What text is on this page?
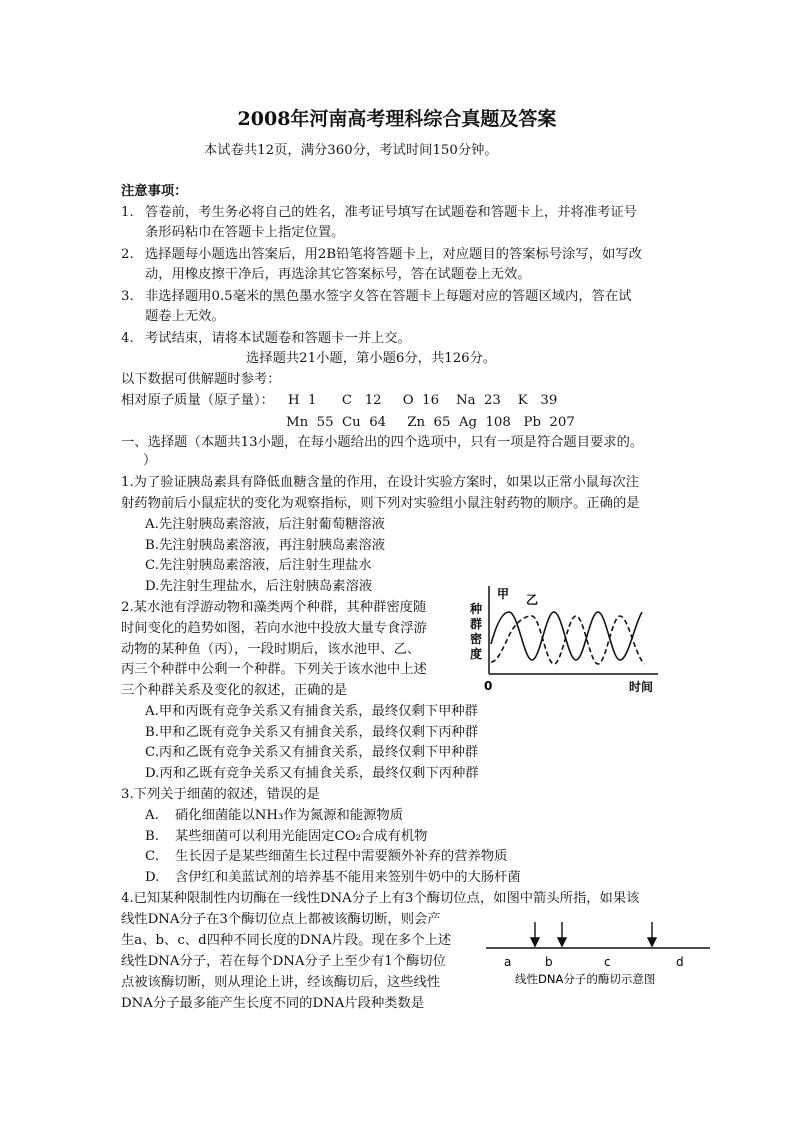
2008年河南高考理科综合真题及答案
本试卷共12页，满分360分，考试时间150分钟。
注意事项：
1. 答卷前，考生务必将自己的姓名，准考证号填写在试题卷和答题卡上，并将准考证号
条形码粘巾在答题卡上指定位置。
2. 选择题每小题选出答案后，用2B铅笔将答题卡上，对应题目的答案标号涂写，如写改
动，用橡皮擦干净后，再选涂其它答案标号，答在试题卷上无效。
3. 非选择题用0.5毫米的黑色墨水签字夊答在答题卡上每题对应的答题区域内，答在试
题卷上无效。
4. 考试结束，请将本试题卷和答题卡一并上交。
选择题共21小题，第小题6分，共126分。
以下数据可供解题时参考：
相对原子质量（原子量）： H  1      C   12     O  16    Na  23    K   39
Mn  55  Cu  64     Zn  65  Ag  108   Pb  207
一、选择题（本题共13小题，在每小题给出的四个选项中，只有一项是符合题目要求的。
）
1.为了验证胰岛素具有降低血糖含量的作用，在设计实验方案时，如果以正常小鼠每次注
射药物前后小鼠症状的变化为观察指标，则下列对实验组小鼠注射药物的顺序。正确的是
A.先注射胰岛素溶液，后注射葡萄糖溶液
B.先注射胰岛素溶液，再注射胰岛素溶液
C.先注射胰岛素溶液，后注射生理盐水
D.先注射生理盐水，后注射胰岛素溶液
2.某水池有浮游动物和藻类两个种群，其种群密度随
时间变化的趋势如图，若向水池中投放大量专食浮游
动物的某种鱼（丙），一段时期后，该水池甲、乙、
丙三个种群中公剩一个种群。下列关于该水池中上述
三个种群关系及变化的叙述，正确的是
A.甲和丙既有竞争关系又有捕食关系，最终仅剩下甲种群
B.甲和乙既有竞争关系又有捕食关系，最终仅剩下丙种群
C.丙和乙既有竞争关系又有捕食关系，最终仅剩下甲种群
D.丙和乙既有竞争关系又有捕食关系，最终仅剩下丙种群
种
群
密
度
0	时间
甲 乙
3.下列关于细菌的叙述，错误的是
A. 硝化细菌能以NH₃作为氮源和能源物质
B. 某些细菌可以利用光能固定CO₂合成有机物
C. 生长因子是某些细菌生长过程中需要额外补弃的营养物质
D. 含伊红和美蓝试剂的培养基不能用来签别牛奶中的大肠杆菌
4.已知某种限制性内切酶在一线性DNA分子上有3个酶切位点，如图中箭头所指，如果该
线性DNA分子在3个酶切位点上都被该酶切断，则会产
生a、b、c、d四种不同长度的DNA片段。现在多个上述
线性DNA分子，若在每个DNA分子上至少有1个酶切位
点被该酶切断，则从理论上讲，经该酶切后，这些线性
DNA分子最多能产生长度不同的DNA片段种类数是
a	b	c	d
线性DNA分子的酶切示意图
